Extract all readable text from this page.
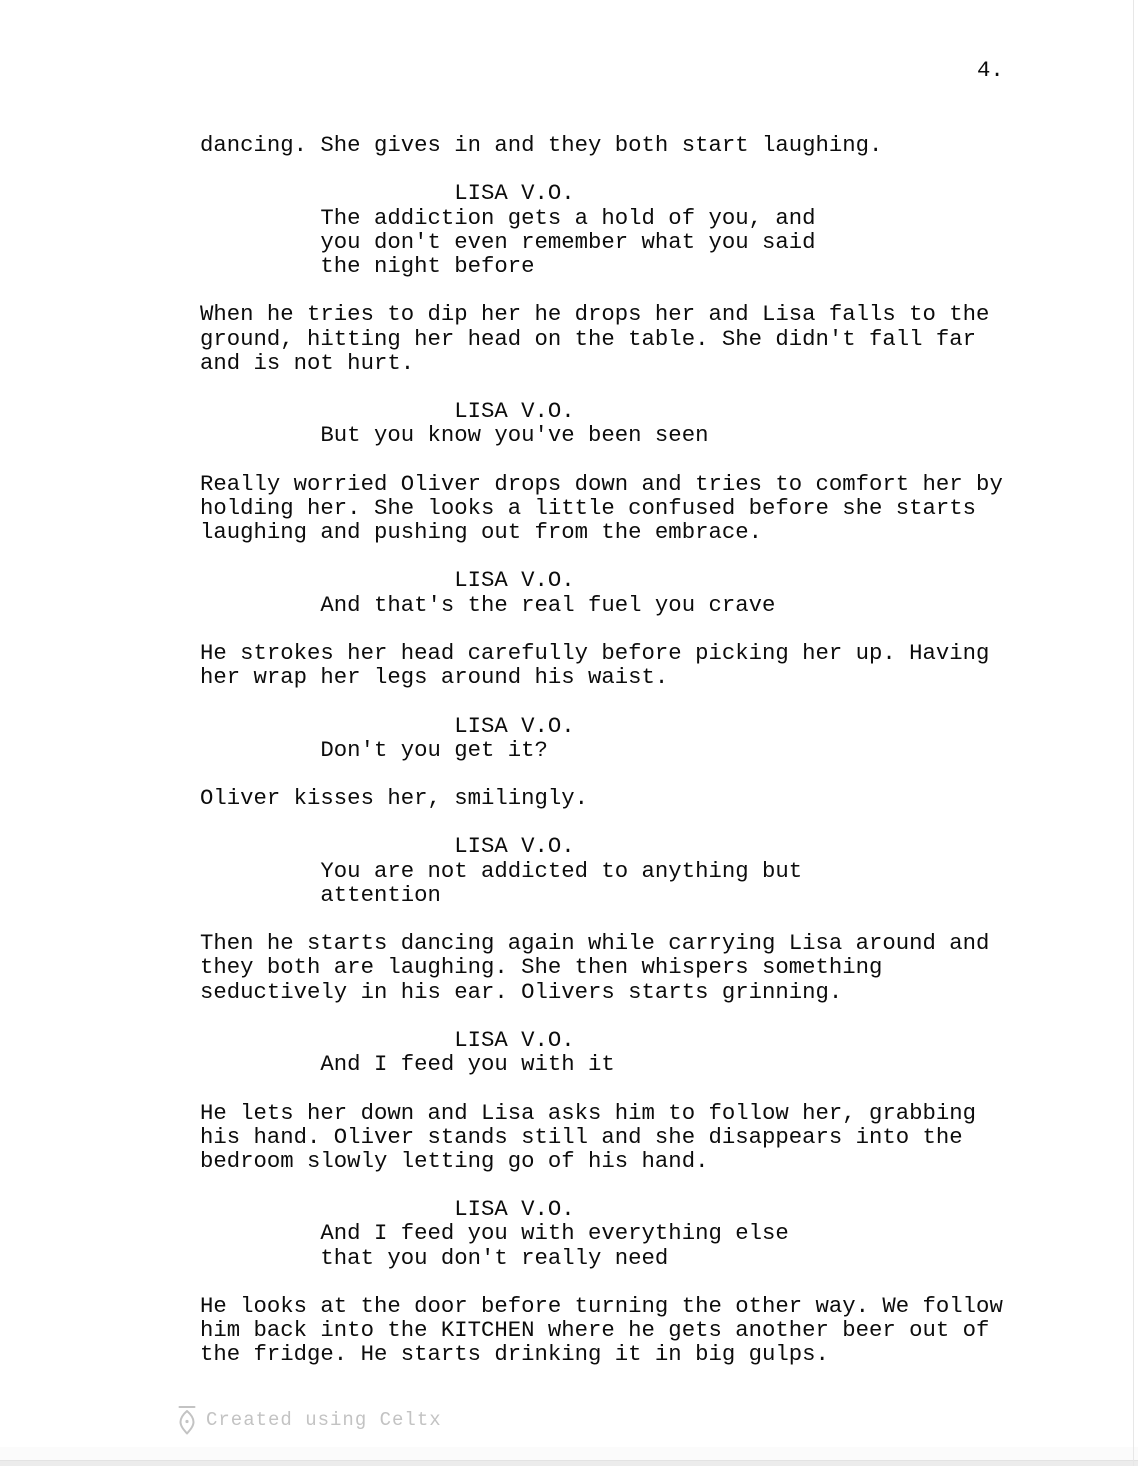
4.
dancing. She gives in and they both start laughing.

LISA V.O.
The addiction gets a hold of you, and
you don't even remember what you said
the night before

When he tries to dip her he drops her and Lisa falls to the
ground, hitting her head on the table. She didn't fall far
and is not hurt.

LISA V.O.
But you know you've been seen

Really worried Oliver drops down and tries to comfort her by
holding her. She looks a little confused before she starts
laughing and pushing out from the embrace.

LISA V.O.
And that's the real fuel you crave

He strokes her head carefully before picking her up. Having
her wrap her legs around his waist.

LISA V.O.
Don't you get it?

Oliver kisses her, smilingly.

LISA V.O.
You are not addicted to anything but
attention

Then he starts dancing again while carrying Lisa around and
they both are laughing. She then whispers something
seductively in his ear. Olivers starts grinning.

LISA V.O.
And I feed you with it

He lets her down and Lisa asks him to follow her, grabbing
his hand. Oliver stands still and she disappears into the
bedroom slowly letting go of his hand.

LISA V.O.
And I feed you with everything else
that you don't really need

He looks at the door before turning the other way. We follow
him back into the KITCHEN where he gets another beer out of
the fridge. He starts drinking it in big gulps.
Created using Celtx
